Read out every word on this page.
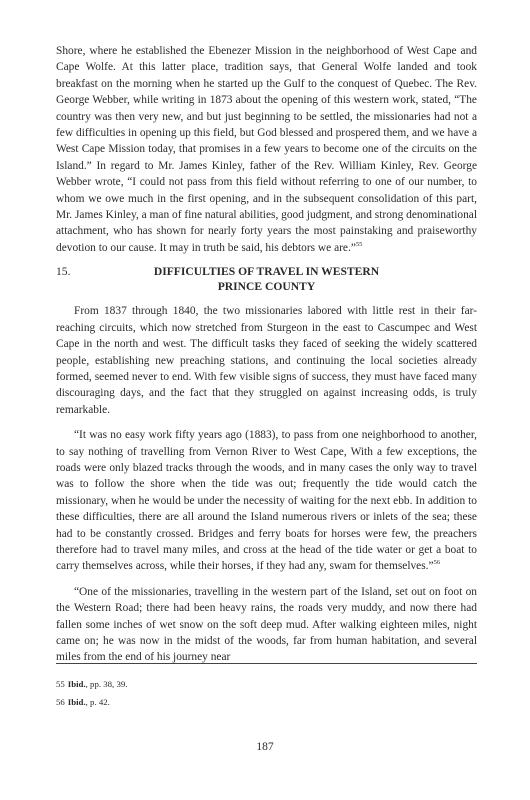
Shore, where he established the Ebenezer Mission in the neighborhood of West Cape and Cape Wolfe. At this latter place, tradition says, that General Wolfe landed and took breakfast on the morning when he started up the Gulf to the conquest of Quebec. The Rev. George Webber, while writing in 1873 about the opening of this western work, stated, “The country was then very new, and but just beginning to be settled, the missionaries had not a few difficulties in opening up this field, but God blessed and prospered them, and we have a West Cape Mission today, that promises in a few years to become one of the circuits on the Island.” In regard to Mr. James Kinley, father of the Rev. William Kinley, Rev. George Webber wrote, “I could not pass from this field without referring to one of our number, to whom we owe much in the first opening, and in the subsequent consolidation of this part, Mr. James Kinley, a man of fine natural abilities, good judgment, and strong denominational attachment, who has shown for nearly forty years the most painstaking and praiseworthy devotion to our cause. It may in truth be said, his debtors we are.”$^{55}$

15.	DIFFICULTIES OF TRAVEL IN WESTERN
PRINCE COUNTY

From 1837 through 1840, the two missionaries labored with little rest in their far-reaching circuits, which now stretched from Sturgeon in the east to Cascumpec and West Cape in the north and west. The difficult tasks they faced of seeking the widely scattered people, establishing new preaching stations, and continuing the local societies already formed, seemed never to end. With few visible signs of success, they must have faced many discouraging days, and the fact that they struggled on against increasing odds, is truly remarkable.

“It was no easy work fifty years ago (1883), to pass from one neighborhood to another, to say nothing of travelling from Vernon River to West Cape, With a few exceptions, the roads were only blazed tracks through the woods, and in many cases the only way to travel was to follow the shore when the tide was out; frequently the tide would catch the missionary, when he would be under the necessity of waiting for the next ebb. In addition to these difficulties, there are all around the Island numerous rivers or inlets of the sea; these had to be constantly crossed. Bridges and ferry boats for horses were few, the preachers therefore had to travel many miles, and cross at the head of the tide water or get a boat to carry themselves across, while their horses, if they had any, swam for themselves.”$^{56}$

“One of the missionaries, travelling in the western part of the Island, set out on foot on the Western Road; there had been heavy rains, the roads very muddy, and now there had fallen some inches of wet snow on the soft deep mud. After walking eighteen miles, night came on; he was now in the midst of the woods, far from human habitation, and several miles from the end of his journey near

55 Ibid., pp. 38, 39.
56 Ibid., p. 42.
187
